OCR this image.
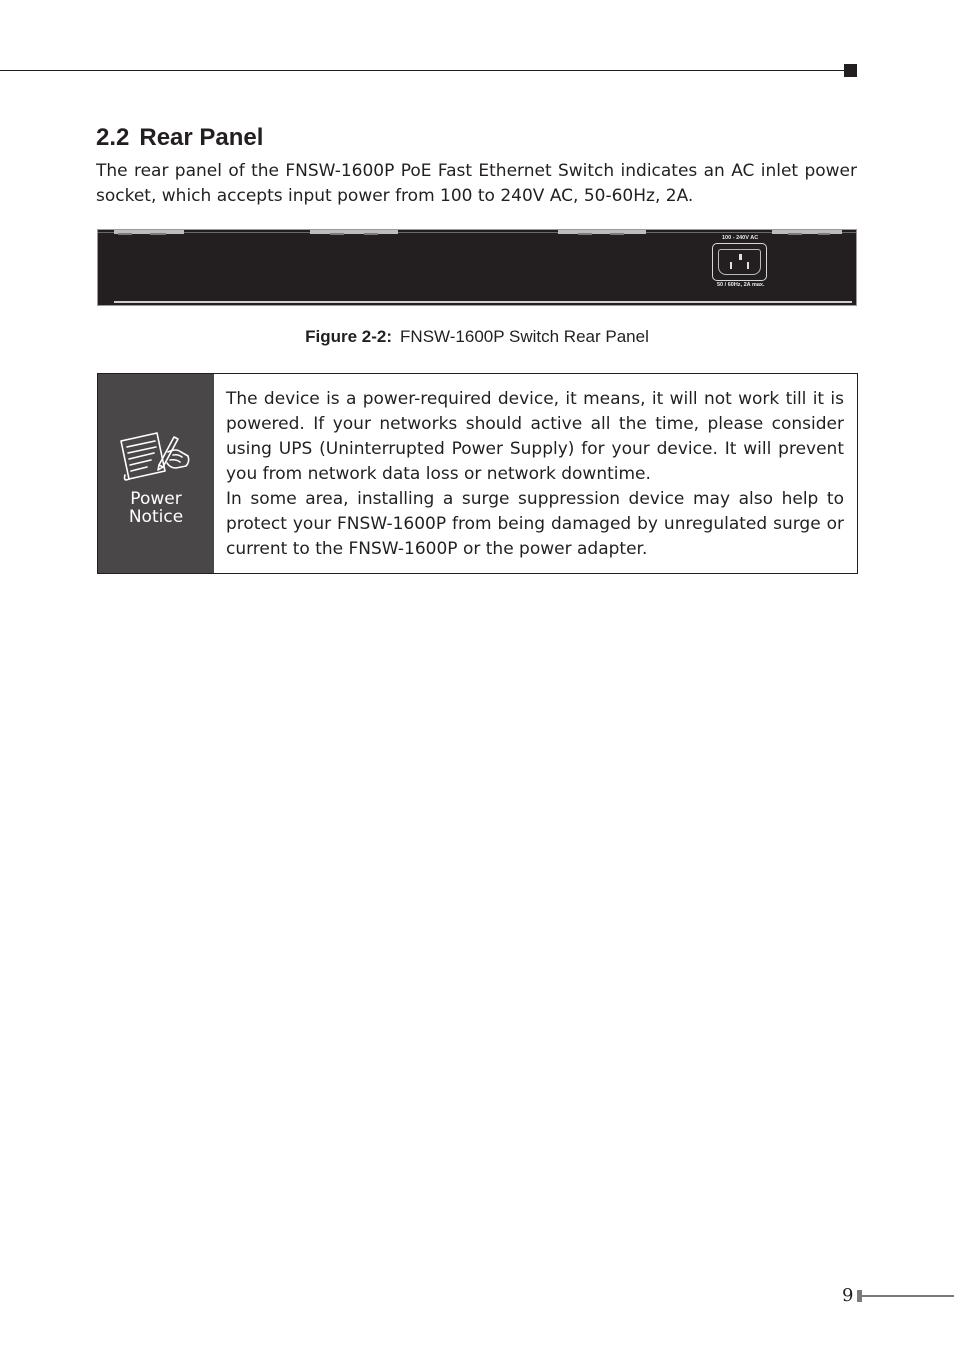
2.2 Rear Panel

The rear panel of the FNSW-1600P PoE Fast Ethernet Switch indicates an AC inlet power socket, which accepts input power from 100 to 240V AC, 50-60Hz, 2A.

100 - 240V AC
50 / 60Hz, 2A max.

Figure 2-2: FNSW-1600P Switch Rear Panel

Power
Notice

The device is a power-required device, it means, it will not work till it is powered. If your networks should active all the time, please consider using UPS (Uninterrupted Power Supply) for your device. It will prevent you from network data loss or network downtime.

In some area, installing a surge suppression device may also help to protect your FNSW-1600P from being damaged by unregulated surge or current to the FNSW-1600P or the power adapter.

9
